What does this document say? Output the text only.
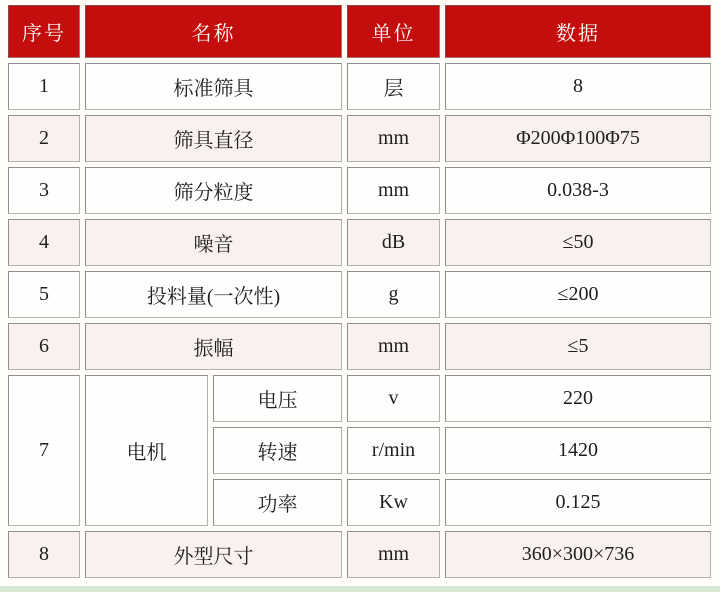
序号	名称		单位	数据
1	标准筛具		层	8
2	筛具直径		mm	Φ200Φ100Φ75
3	筛分粒度		mm	0.038-3
4	噪音		dB	≤50
5	投料量(一次性)		g	≤200
6	振幅		mm	≤5
7	电机	电压	v	220
		转速	r/min	1420
		功率	Kw	0.125
8	外型尺寸		mm	360×300×736
